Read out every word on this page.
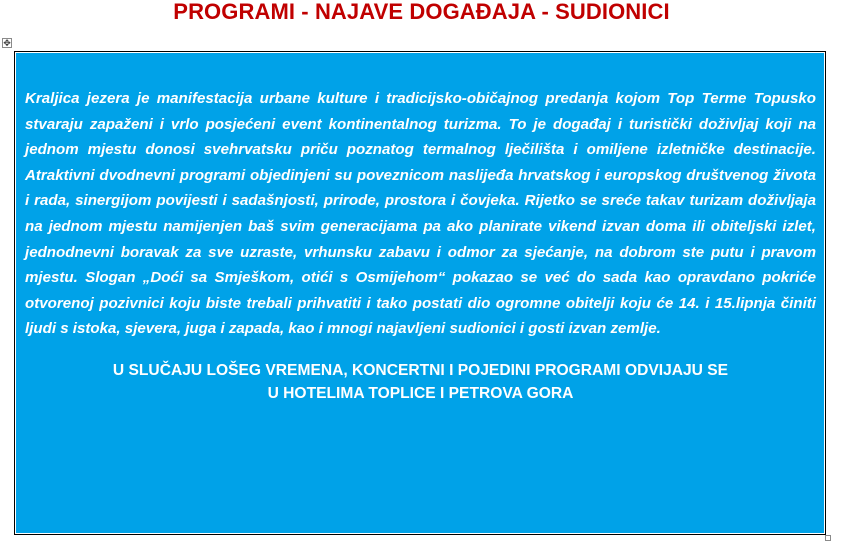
PROGRAMI - NAJAVE DOGAĐAJA - SUDIONICI
✥

Kraljica jezera je manifestacija urbane kulture i tradicijsko-običajnog predanja kojom Top Terme Topusko stvaraju zapaženi i vrlo posjećeni event kontinentalnog turizma. To je događaj i turistički doživljaj koji na jednom mjestu donosi svehrvatsku priču poznatog termalnog lječilišta i omiljene izletničke destinacije. Atraktivni dvodnevni programi objedinjeni su poveznicom naslijeđa hrvatskog i europskog društvenog života i rada, sinergijom povijesti i sadašnjosti, prirode, prostora i čovjeka. Rijetko se sreće takav turizam doživljaja na jednom mjestu namijenjen baš svim generacijama pa ako planirate vikend izvan doma ili obiteljski izlet, jednodnevni boravak za sve uzraste, vrhunsku zabavu i odmor za sjećanje, na dobrom ste putu i pravom mjestu. Slogan „Doći sa Smješkom, otići s Osmijehom“ pokazao se već do sada kao opravdano pokriće otvorenoj pozivnici koju biste trebali prihvatiti i tako postati dio ogromne obitelji koju će 14. i 15.lipnja činiti ljudi s istoka, sjevera, juga i zapada, kao i mnogi najavljeni sudionici i gosti izvan zemlje.

U SLUČAJU LOŠEG VREMENA, KONCERTNI I POJEDINI PROGRAMI ODVIJAJU SE
U HOTELIMA TOPLICE I PETROVA GORA
